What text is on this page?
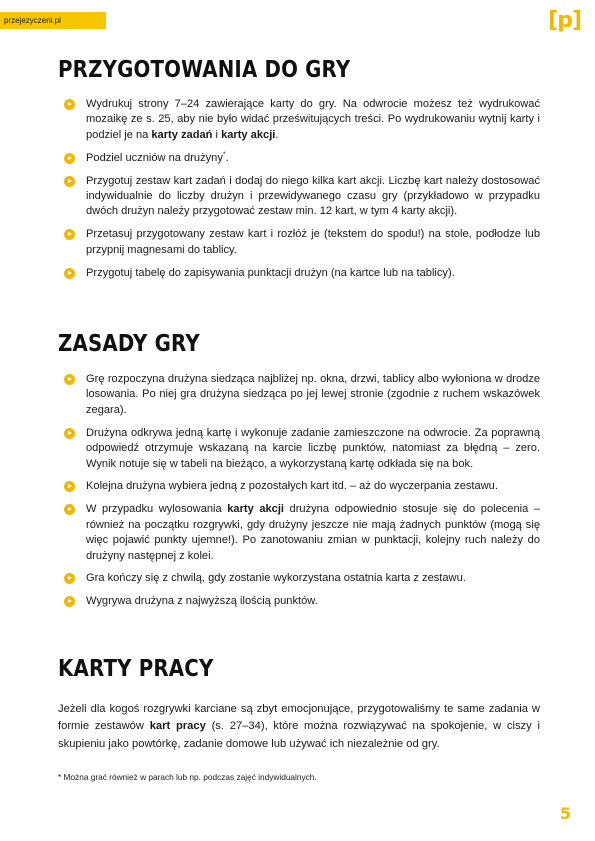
przejezyczeni.pl	[p]
PRZYGOTOWANIA DO GRY
Wydrukuj strony 7–24 zawierające karty do gry. Na odwrocie możesz też wydrukować mozaikę ze s. 25, aby nie było widać prześwitujących treści. Po wydrukowaniu wytnij karty i podziel je na karty zadań i karty akcji.
Podziel uczniów na drużyny*.
Przygotuj zestaw kart zadań i dodaj do niego kilka kart akcji. Liczbę kart należy dostosować indywidualnie do liczby drużyn i przewidywanego czasu gry (przykładowo w przypadku dwóch drużyn należy przygotować zestaw min. 12 kart, w tym 4 karty akcji).
Przetasuj przygotowany zestaw kart i rozłóż je (tekstem do spodu!) na stole, podłodze lub przypnij magnesami do tablicy.
Przygotuj tabelę do zapisywania punktacji drużyn (na kartce lub na tablicy).
ZASADY GRY
Grę rozpoczyna drużyna siedząca najbliżej np. okna, drzwi, tablicy albo wyłoniona w drodze losowania. Po niej gra drużyna siedząca po jej lewej stronie (zgodnie z ruchem wskazówek zegara).
Drużyna odkrywa jedną kartę i wykonuje zadanie zamieszczone na odwrocie. Za poprawną odpowiedź otrzymuje wskazaną na karcie liczbę punktów, natomiast za błędną – zero. Wynik notuje się w tabeli na bieżąco, a wykorzystaną kartę odkłada się na bok.
Kolejna drużyna wybiera jedną z pozostałych kart itd. – aż do wyczerpania zestawu.
W przypadku wylosowania karty akcji drużyna odpowiednio stosuje się do polecenia – również na początku rozgrywki, gdy drużyny jeszcze nie mają żadnych punktów (mogą się więc pojawić punkty ujemne!). Po zanotowaniu zmian w punktacji, kolejny ruch należy do drużyny następnej z kolei.
Gra kończy się z chwilą, gdy zostanie wykorzystana ostatnia karta z zestawu.
Wygrywa drużyna z najwyższą ilością punktów.
KARTY PRACY

Jeżeli dla kogoś rozgrywki karciane są zbyt emocjonujące, przygotowaliśmy te same zadania w formie zestawów kart pracy (s. 27–34), które można rozwiązywać na spokojenie, w ciszy i skupieniu jako powtórkę, zadanie domowe lub używać ich niezależnie od gry.

* Można grać również w parach lub np. podczas zajęć indywidualnych.
5
